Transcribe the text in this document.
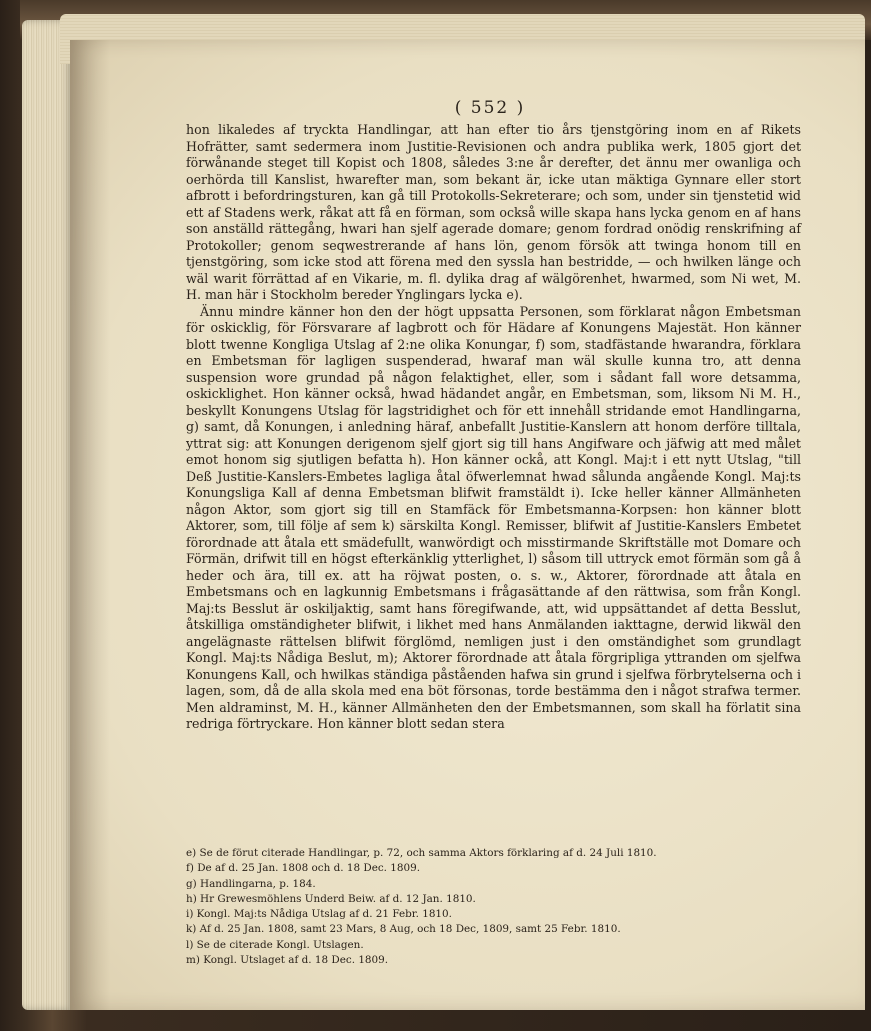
( 552 )

hon likaledes af tryckta Handlingar, att han efter tio års tjenstgöring inom en af Rikets Hofrätter, samt sedermera inom Justitie-Revisionen och andra publika werk, 1805 gjort det förwånande steget till Kopist och 1808, således 3:ne år derefter, det ännu mer owanliga och oerhörda till Kanslist, hwarefter man, som bekant är, icke utan mäktiga Gynnare eller stort afbrott i befordringsturen, kan gå till Protokolls-Sekreterare; och som, under sin tjenstetid wid ett af Stadens werk, råkat att få en förman, som också wille skapa hans lycka genom en af hans son anställd rättegång, hwari han sjelf agerade domare; genom fordrad onödig renskrifning af Protokoller; genom seqwestrerande af hans lön, genom försök att twinga honom till en tjenstgöring, som icke stod att förena med den syssla han bestridde, — och hwilken länge och wäl warit förrättad af en Vikarie, m. fl. dylika drag af wälgörenhet, hwarmed, som Ni wet, M. H. man här i Stockholm bereder Ynglingars lycka e).

Ännu mindre känner hon den der högt uppsatta Personen, som förklarat någon Embetsman för oskicklig, för Försvarare af lagbrott och för Hädare af Konungens Majestät. Hon känner blott twenne Kongliga Utslag af 2:ne olika Konungar, f) som, stadfästande hwarandra, förklara en Embetsman för lagligen suspenderad, hwaraf man wäl skulle kunna tro, att denna suspension wore grundad på någon felaktighet, eller, som i sådant fall wore detsamma, oskicklighet. Hon känner också, hwad hädandet angår, en Embetsman, som, liksom Ni M. H., beskyllt Konungens Utslag för lagstridighet och för ett innehåll stridande emot Handlingarna, g) samt, då Konungen, i anledning häraf, anbefallt Justitie-Kanslern att honom derföre tilltala, yttrat sig: att Konungen derigenom sjelf gjort sig till hans Angifware och jäfwig att med målet emot honom sig sjutligen befatta h). Hon känner ockå, att Kongl. Maj:t i ett nytt Utslag, "till Deß Justitie-Kanslers-Embetes lagliga åtal öfwerlemnat hwad sålunda angående Kongl. Maj:ts Konungsliga Kall af denna Embetsman blifwit framstäldt i). Icke heller känner Allmänheten någon Aktor, som gjort sig till en Stamfäck för Embetsmanna-Korpsen: hon känner blott Aktorer, som, till följe af sem k) särskilta Kongl. Remisser, blifwit af Justitie-Kanslers Embetet förordnade att åtala ett smädefullt, wanwördigt och misstirmande Skriftställe mot Domare och Förmän, drifwit till en högst efterkänklig ytterlighet, l) såsom till uttryck emot förmän som gå å heder och ära, till ex. att ha röjwat posten, o. s. w., Aktorer, förordnade att åtala en Embetsmans och en lagkunnig Embetsmans i frågasättande af den rättwisa, som från Kongl. Maj:ts Besslut är oskiljaktig, samt hans föregifwande, att, wid uppsättandet af detta Besslut, åtskilliga omständigheter blifwit, i likhet med hans Anmälanden iakttagne, derwid likwäl den angelägnaste rättelsen blifwit förglömd, nemligen just i den omständighet som grundlagt Kongl. Maj:ts Nådiga Beslut, m); Aktorer förordnade att åtala förgripliga yttranden om sjelfwa Konungens Kall, och hwilkas ständiga påståenden hafwa sin grund i sjelfwa förbrytelserna och i lagen, som, då de alla skola med ena böt försonas, torde bestämma den i något strafwa termer. Men aldraminst, M. H., känner Allmänheten den der Embetsmannen, som skall ha förlatit sina redriga förtryckare. Hon känner blott sedan stera

e) Se de förut citerade Handlingar, p. 72, och samma Aktors förklaring af d. 24 Juli 1810.
f) De af d. 25 Jan. 1808 och d. 18 Dec. 1809.
g) Handlingarna, p. 184.
h) Hr Grewesmöhlens Underd Beiw. af d. 12 Jan. 1810.
i) Kongl. Maj:ts Nådiga Utslag af d. 21 Febr. 1810.
k) Af d. 25 Jan. 1808, samt 23 Mars, 8 Aug, och 18 Dec, 1809, samt 25 Febr. 1810.
l) Se de citerade Kongl. Utslagen.
m) Kongl. Utslaget af d. 18 Dec. 1809.
